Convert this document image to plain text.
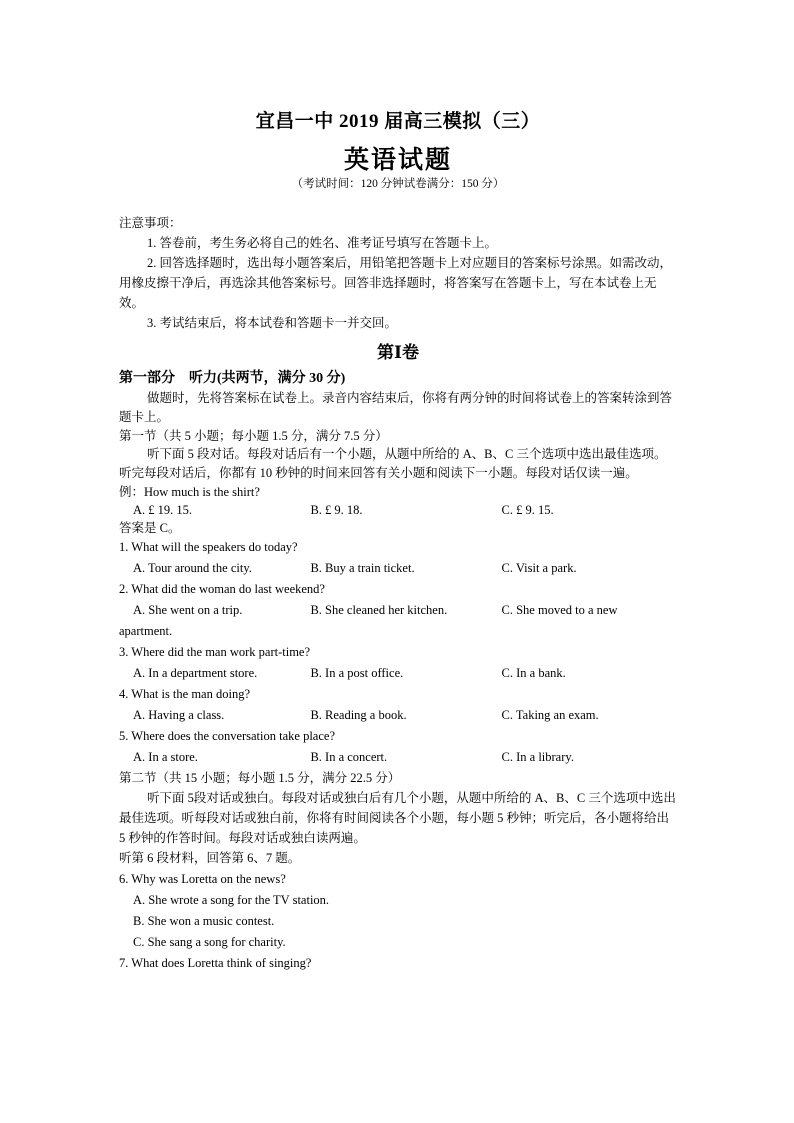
宜昌一中 2019 届高三模拟（三）
英语试题
（考试时间：120 分钟试卷满分：150 分）
注意事项：
1. 答卷前，考生务必将自己的姓名、准考证号填写在答题卡上。
2. 回答选择题时，选出每小题答案后，用铅笔把答题卡上对应题目的答案标号涂黑。如需改动，用橡皮擦干净后，再选涂其他答案标号。回答非选择题时，将答案写在答题卡上，写在本试卷上无效。
3. 考试结束后，将本试卷和答题卡一并交回。
第Ⅰ卷
第一部分　听力(共两节，满分 30 分)
做题时，先将答案标在试卷上。录音内容结束后，你将有两分钟的时间将试卷上的答案转涂到答题卡上。
第一节（共 5 小题；每小题 1.5 分，满分 7.5 分）
听下面 5 段对话。每段对话后有一个小题，从题中所给的 A、B、C 三个选项中选出最佳选项。听完每段对话后，你都有 10 秒钟的时间来回答有关小题和阅读下一小题。每段对话仅读一遍。
例：How much is the shirt?
A. £ 19. 15.	B. £ 9. 18.	C. £ 9. 15.
答案是 C。
1. What will the speakers do today?
A. Tour around the city.	B. Buy a train ticket.	C. Visit a park.
2. What did the woman do last weekend?
A. She went on a trip.	B. She cleaned her kitchen.	C. She moved to a new
apartment.
3. Where did the man work part-time?
A. In a department store.	B. In a post office.	C. In a bank.
4. What is the man doing?
A. Having a class.	B. Reading a book.	C. Taking an exam.
5. Where does the conversation take place?
A. In a store.	B. In a concert.	C. In a library.
第二节（共 15 小题；每小题 1.5 分，满分 22.5 分）
听下面 5段对话或独白。每段对话或独白后有几个小题，从题中所给的 A、B、C 三个选项中选出最佳选项。听每段对话或独白前，你将有时间阅读各个小题，每小题 5 秒钟；听完后，各小题将给出 5 秒钟的作答时间。每段对话或独白读两遍。
听第 6 段材料，回答第 6、7 题。
6. Why was Loretta on the news?
A. She wrote a song for the TV station.
B. She won a music contest.
C. She sang a song for charity.
7. What does Loretta think of singing?
